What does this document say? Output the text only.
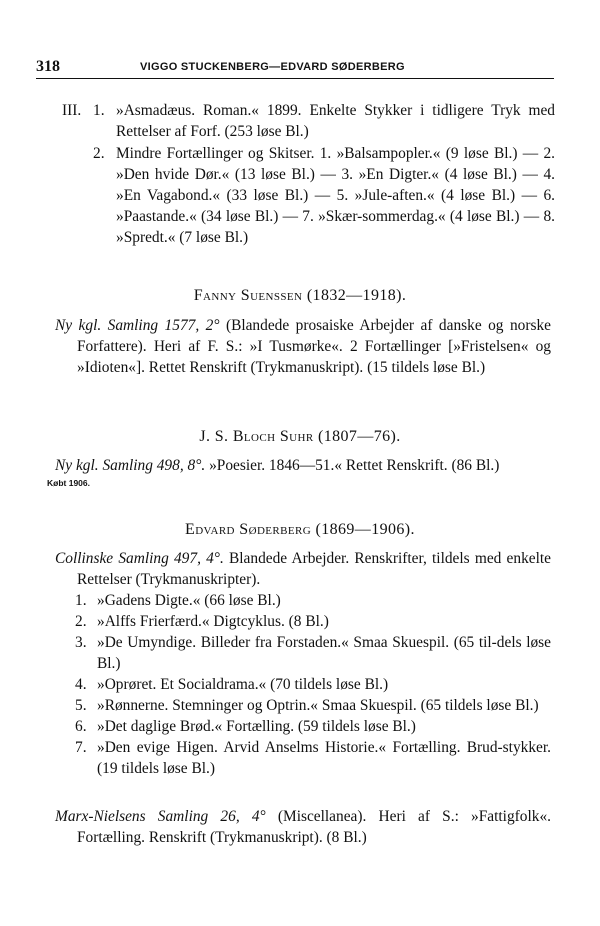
318	VIGGO STUCKENBERG—EDVARD SØDERBERG
III. 1. »Asmadæus. Roman.« 1899. Enkelte Stykker i tidligere Tryk med Rettelser af Forf. (253 løse Bl.)
2. Mindre Fortællinger og Skitser. 1. »Balsampopler.« (9 løse Bl.) — 2. »Den hvide Dør.« (13 løse Bl.) — 3. »En Digter.« (4 løse Bl.) — 4. »En Vagabond.« (33 løse Bl.) — 5. »Jule-aften.« (4 løse Bl.) — 6. »Paastande.« (34 løse Bl.) — 7. »Skær-sommerdag.« (4 løse Bl.) — 8. »Spredt.« (7 løse Bl.)
Fanny Suenssen (1832—1918).
Ny kgl. Samling 1577, 2° (Blandede prosaiske Arbejder af danske og norske Forfattere). Heri af F. S.: »I Tusmørke«. 2 Fortællinger [»Fristelsen« og »Idioten«]. Rettet Renskrift (Trykmanuskript). (15 tildels løse Bl.)
J. S. Bloch Suhr (1807—76).
Ny kgl. Samling 498, 8°. »Poesier. 1846—51.« Rettet Renskrift. (86 Bl.)
Købt 1906.
Edvard Søderberg (1869—1906).
Collinske Samling 497, 4°. Blandede Arbejder. Renskrifter, tildels med enkelte Rettelser (Trykmanuskripter).
1. »Gadens Digte.« (66 løse Bl.)
2. »Alffs Frierfærd.« Digtcyklus. (8 Bl.)
3. »De Umyndige. Billeder fra Forstaden.« Smaa Skuespil. (65 til-dels løse Bl.)
4. »Oprøret. Et Socialdrama.« (70 tildels løse Bl.)
5. »Rønnerne. Stemninger og Optrin.« Smaa Skuespil. (65 tildels løse Bl.)
6. »Det daglige Brød.« Fortælling. (59 tildels løse Bl.)
7. »Den evige Higen. Arvid Anselms Historie.« Fortælling. Brud-stykker. (19 tildels løse Bl.)
Marx-Nielsens Samling 26, 4° (Miscellanea). Heri af S.: »Fattigfolk«. Fortælling. Renskrift (Trykmanuskript). (8 Bl.)
